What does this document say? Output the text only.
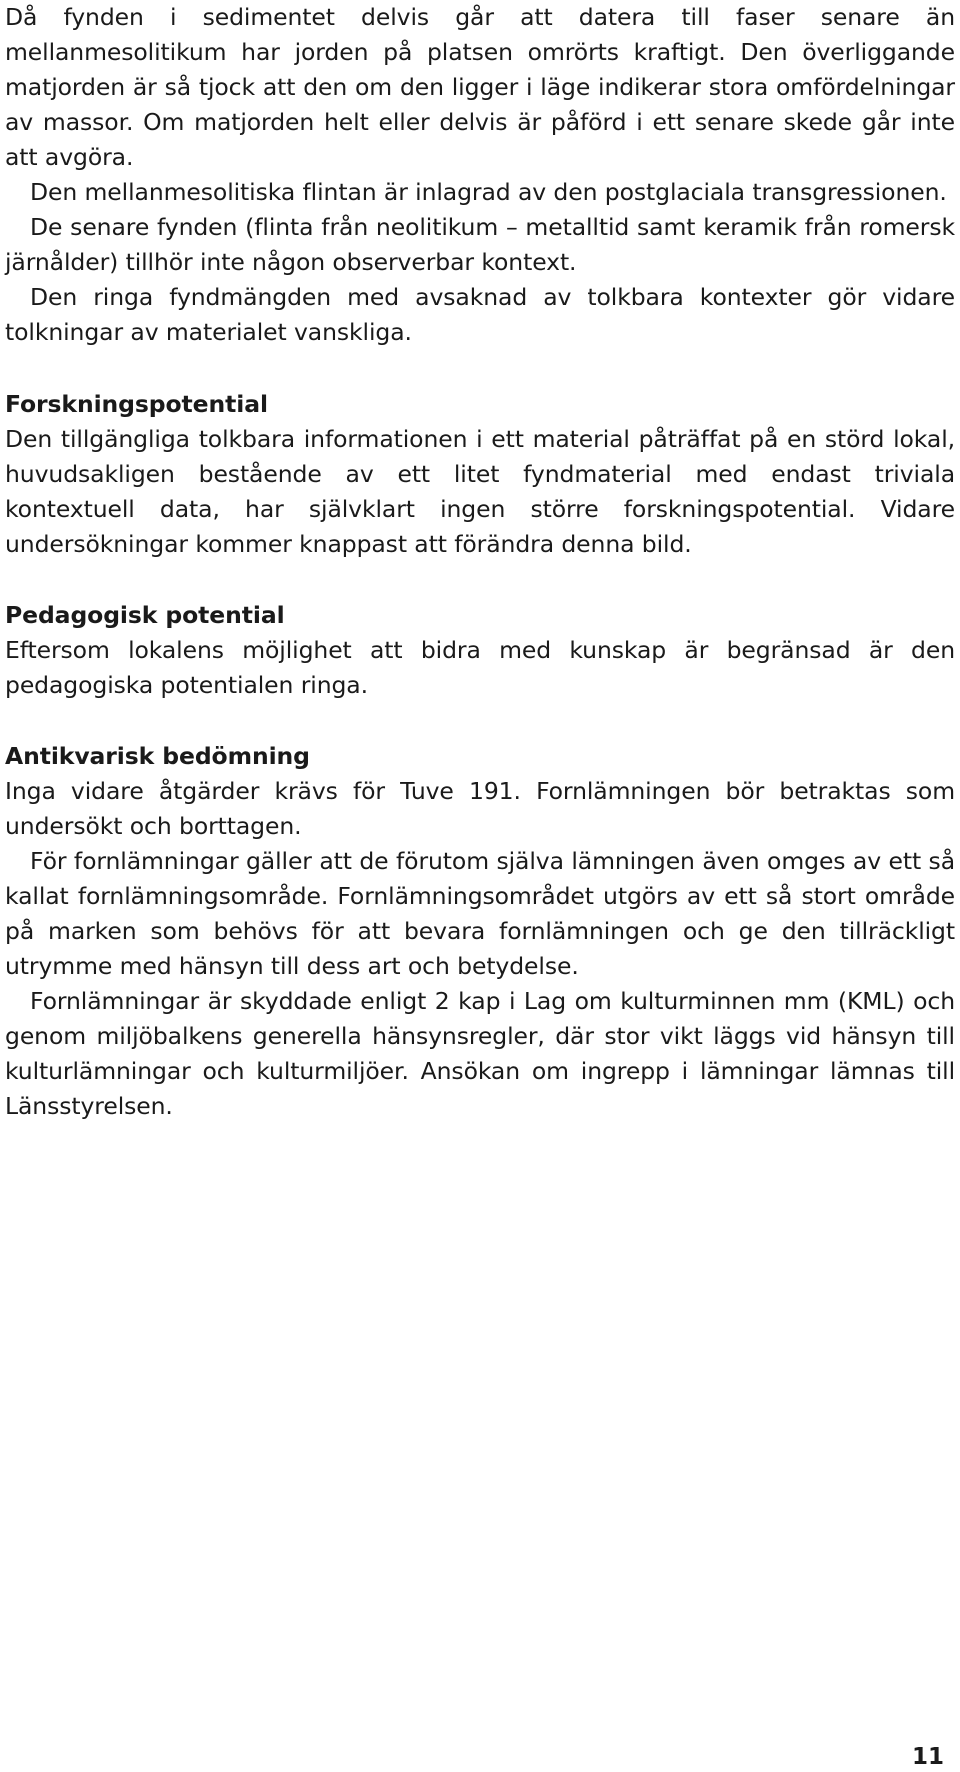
Då fynden i sedimentet delvis går att datera till faser senare än mellanmesolitikum har jorden på platsen omrörts kraftigt. Den överliggande matjorden är så tjock att den om den ligger i läge indikerar stora omfördelningar av massor. Om matjorden helt eller delvis är påförd i ett senare skede går inte att avgöra.

Den mellanmesolitiska flintan är inlagrad av den postglaciala transgressionen.

De senare fynden (flinta från neolitikum – metalltid samt keramik från romersk järnålder) tillhör inte någon observerbar kontext.

Den ringa fyndmängden med avsaknad av tolkbara kontexter gör vidare tolkningar av materialet vanskliga.

Forskningspotential

Den tillgängliga tolkbara informationen i ett material påträffat på en störd lokal, huvudsakligen bestående av ett litet fyndmaterial med endast triviala kontextuell data, har självklart ingen större forskningspotential. Vidare undersökningar kommer knappast att förändra denna bild.

Pedagogisk potential

Eftersom lokalens möjlighet att bidra med kunskap är begränsad är den pedagogiska potentialen ringa.

Antikvarisk bedömning

Inga vidare åtgärder krävs för Tuve 191. Fornlämningen bör betraktas som undersökt och borttagen.

För fornlämningar gäller att de förutom själva lämningen även omges av ett så kallat fornlämningsområde. Fornlämningsområdet utgörs av ett så stort område på marken som behövs för att bevara fornlämningen och ge den tillräckligt utrymme med hänsyn till dess art och betydelse.

Fornlämningar är skyddade enligt 2 kap i Lag om kulturminnen mm (KML) och genom miljöbalkens generella hänsynsregler, där stor vikt läggs vid hänsyn till kulturlämningar och kulturmiljöer. Ansökan om ingrepp i lämningar lämnas till Länsstyrelsen.

11
